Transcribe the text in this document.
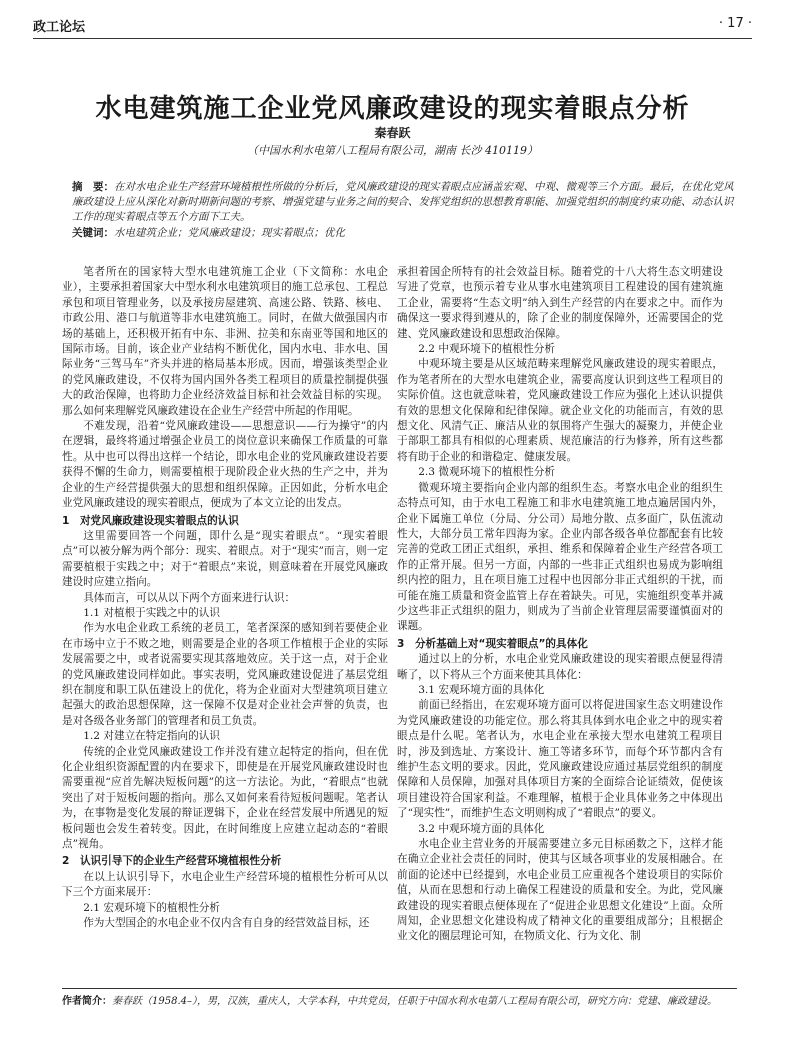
政工论坛	· 17 ·
水电建筑施工企业党风廉政建设的现实着眼点分析
秦春跃
（中国水利水电第八工程局有限公司，湖南 长沙 410119）

摘　要：在对水电企业生产经营环境植根性所做的分析后，党风廉政建设的现实着眼点应涵盖宏观、中观、微观等三个方面。最后，在优化党风廉政建设上应从深化对新时期新问题的考察、增强党建与业务之间的契合、发挥党组织的思想教育职能、加强党组织的制度约束功能、动态认识工作的现实着眼点等五个方面下工夫。

关键词：水电建筑企业；党风廉政建设；现实着眼点；优化

笔者所在的国家特大型水电建筑施工企业（下文简称：水电企业），主要承担着国家大中型水利水电建筑项目的施工总承包、工程总承包和项目管理业务，以及承接房屋建筑、高速公路、铁路、核电、市政公用、港口与航道等非水电建筑施工。同时，在做大做强国内市场的基础上，还积极开拓有中东、非洲、拉美和东南亚等国和地区的国际市场。目前，该企业产业结构不断优化，国内水电、非水电、国际业务“三驾马车”齐头并进的格局基本形成。因而，增强该类型企业的党风廉政建设，不仅将为国内国外各类工程项目的质量控制提供强大的政治保障，也将助力企业经济效益目标和社会效益目标的实现。那么如何来理解党风廉政建设在企业生产经营中所起的作用呢。

不难发现，沿着“党风廉政建设——思想意识——行为操守”的内在逻辑，最终将通过增强企业员工的岗位意识来确保工作质量的可靠性。从中也可以得出这样一个结论，即水电企业的党风廉政建设若要获得不懈的生命力，则需要植根于现阶段企业火热的生产之中，并为企业的生产经营提供强大的思想和组织保障。正因如此，分析水电企业党风廉政建设的现实着眼点，便成为了本文立论的出发点。

1　对党风廉政建设现实着眼点的认识

这里需要回答一个问题，即什么是“现实着眼点”。“现实着眼点”可以被分解为两个部分：现实、着眼点。对于“现实”而言，则一定需要植根于实践之中；对于“着眼点”来说，则意味着在开展党风廉政建设时应建立指向。

具体而言，可以从以下两个方面来进行认识：

1.1 对植根于实践之中的认识

作为水电企业政工系统的老员工，笔者深深的感知到若要使企业在市场中立于不败之地，则需要是企业的各项工作植根于企业的实际发展需要之中，或者说需要实现其落地效应。关于这一点，对于企业的党风廉政建设同样如此。事实表明，党风廉政建设促进了基层党组织在制度和职工队伍建设上的优化，将为企业面对大型建筑项目建立起强大的政治思想保障，这一保障不仅是对企业社会声誉的负责，也是对各级各业务部门的管理者和员工负责。

1.2 对建立在特定指向的认识

传统的企业党风廉政建设工作并没有建立起特定的指向，但在优化企业组织资源配置的内在要求下，即使是在开展党风廉政建设时也需要重视“应首先解决短板问题”的这一方法论。为此，“着眼点”也就突出了对于短板问题的指向。那么又如何来看待短板问题呢。笔者认为，在事物是变化发展的辩证逻辑下，企业在经营发展中所遇见的短板问题也会发生着转变。因此，在时间维度上应建立起动态的“着眼点”视角。

2　认识引导下的企业生产经营环境植根性分析

在以上认识引导下，水电企业生产经营环境的植根性分析可从以下三个方面来展开：

2.1 宏观环境下的植根性分析

作为大型国企的水电企业不仅内含有自身的经营效益目标，还

承担着国企所特有的社会效益目标。随着党的十八大将生态文明建设写进了党章，也预示着专业从事水电建筑项目工程建设的国有建筑施工企业，需要将“生态文明”纳入到生产经营的内在要求之中。而作为确保这一要求得到遵从的，除了企业的制度保障外，还需要国企的党建、党风廉政建设和思想政治保障。

2.2 中观环境下的植根性分析

中观环境主要是从区域范畴来理解党风廉政建设的现实着眼点，作为笔者所在的大型水电建筑企业，需要高度认识到这些工程项目的实际价值。这也就意味着，党风廉政建设工作应为强化上述认识提供有效的思想文化保障和纪律保障。就企业文化的功能而言，有效的思想文化、风清气正、廉洁从业的氛围将产生强大的凝聚力，并使企业于部职工都具有相似的心理素质、规范廉洁的行为修养，所有这些都将有助于企业的和谐稳定、健康发展。

2.3 微观环境下的植根性分析

微观环境主要指向企业内部的组织生态。考察水电企业的组织生态特点可知，由于水电工程施工和非水电建筑施工地点遍居国内外，企业下属施工单位（分局、分公司）局地分散、点多面广，队伍流动性大，大部分员工常年四海为家。企业内部各级各单位都配套有比较完善的党政工团正式组织，承担、维系和保障着企业生产经营各项工作的正常开展。但另一方面，内部的一些非正式组织也易成为影响组织内控的阻力，且在项目施工过程中也因部分非正式组织的干扰，而可能在施工质量和资金监管上存在着缺失。可见，实施组织变革并减少这些非正式组织的阻力，则成为了当前企业管理层需要谨慎面对的课题。

3　分析基础上对“现实着眼点”的具体化

通过以上的分析，水电企业党风廉政建设的现实着眼点便显得清晰了，以下将从三个方面来使其具体化：

3.1 宏观环境方面的具体化

前面已经指出，在宏观环境方面可以将促进国家生态文明建设作为党风廉政建设的功能定位。那么将其具体到水电企业之中的现实着眼点是什么呢。笔者认为，水电企业在承接大型水电建筑工程项目时，涉及到选址、方案设计、施工等诸多环节，而每个环节都内含有维护生态文明的要求。因此，党风廉政建设应通过基层党组织的制度保障和人员保障，加强对具体项目方案的全面综合论证绩效，促使该项目建设符合国家利益。不难理解，植根于企业具体业务之中体现出了“现实性”，而维护生态文明则构成了“着眼点”的要义。

3.2 中观环境方面的具体化

水电企业主营业务的开展需要建立多元目标函数之下，这样才能在确立企业社会责任的同时，使其与区域各项事业的发展相融合。在前面的论述中已经提到，水电企业员工应重视各个建设项目的实际价值，从而在思想和行动上确保工程建设的质量和安全。为此，党风廉政建设的现实着眼点便体现在了“促进企业思想文化建设”上面。众所周知，企业思想文化建设构成了精神文化的重要组成部分；且根据企业文化的圈层理论可知，在物质文化、行为文化、制

作者简介：秦春跃（1958.4–），男，汉族，重庆人，大学本科，中共党员，任职于中国水利水电第八工程局有限公司，研究方向：党建、廉政建设。
